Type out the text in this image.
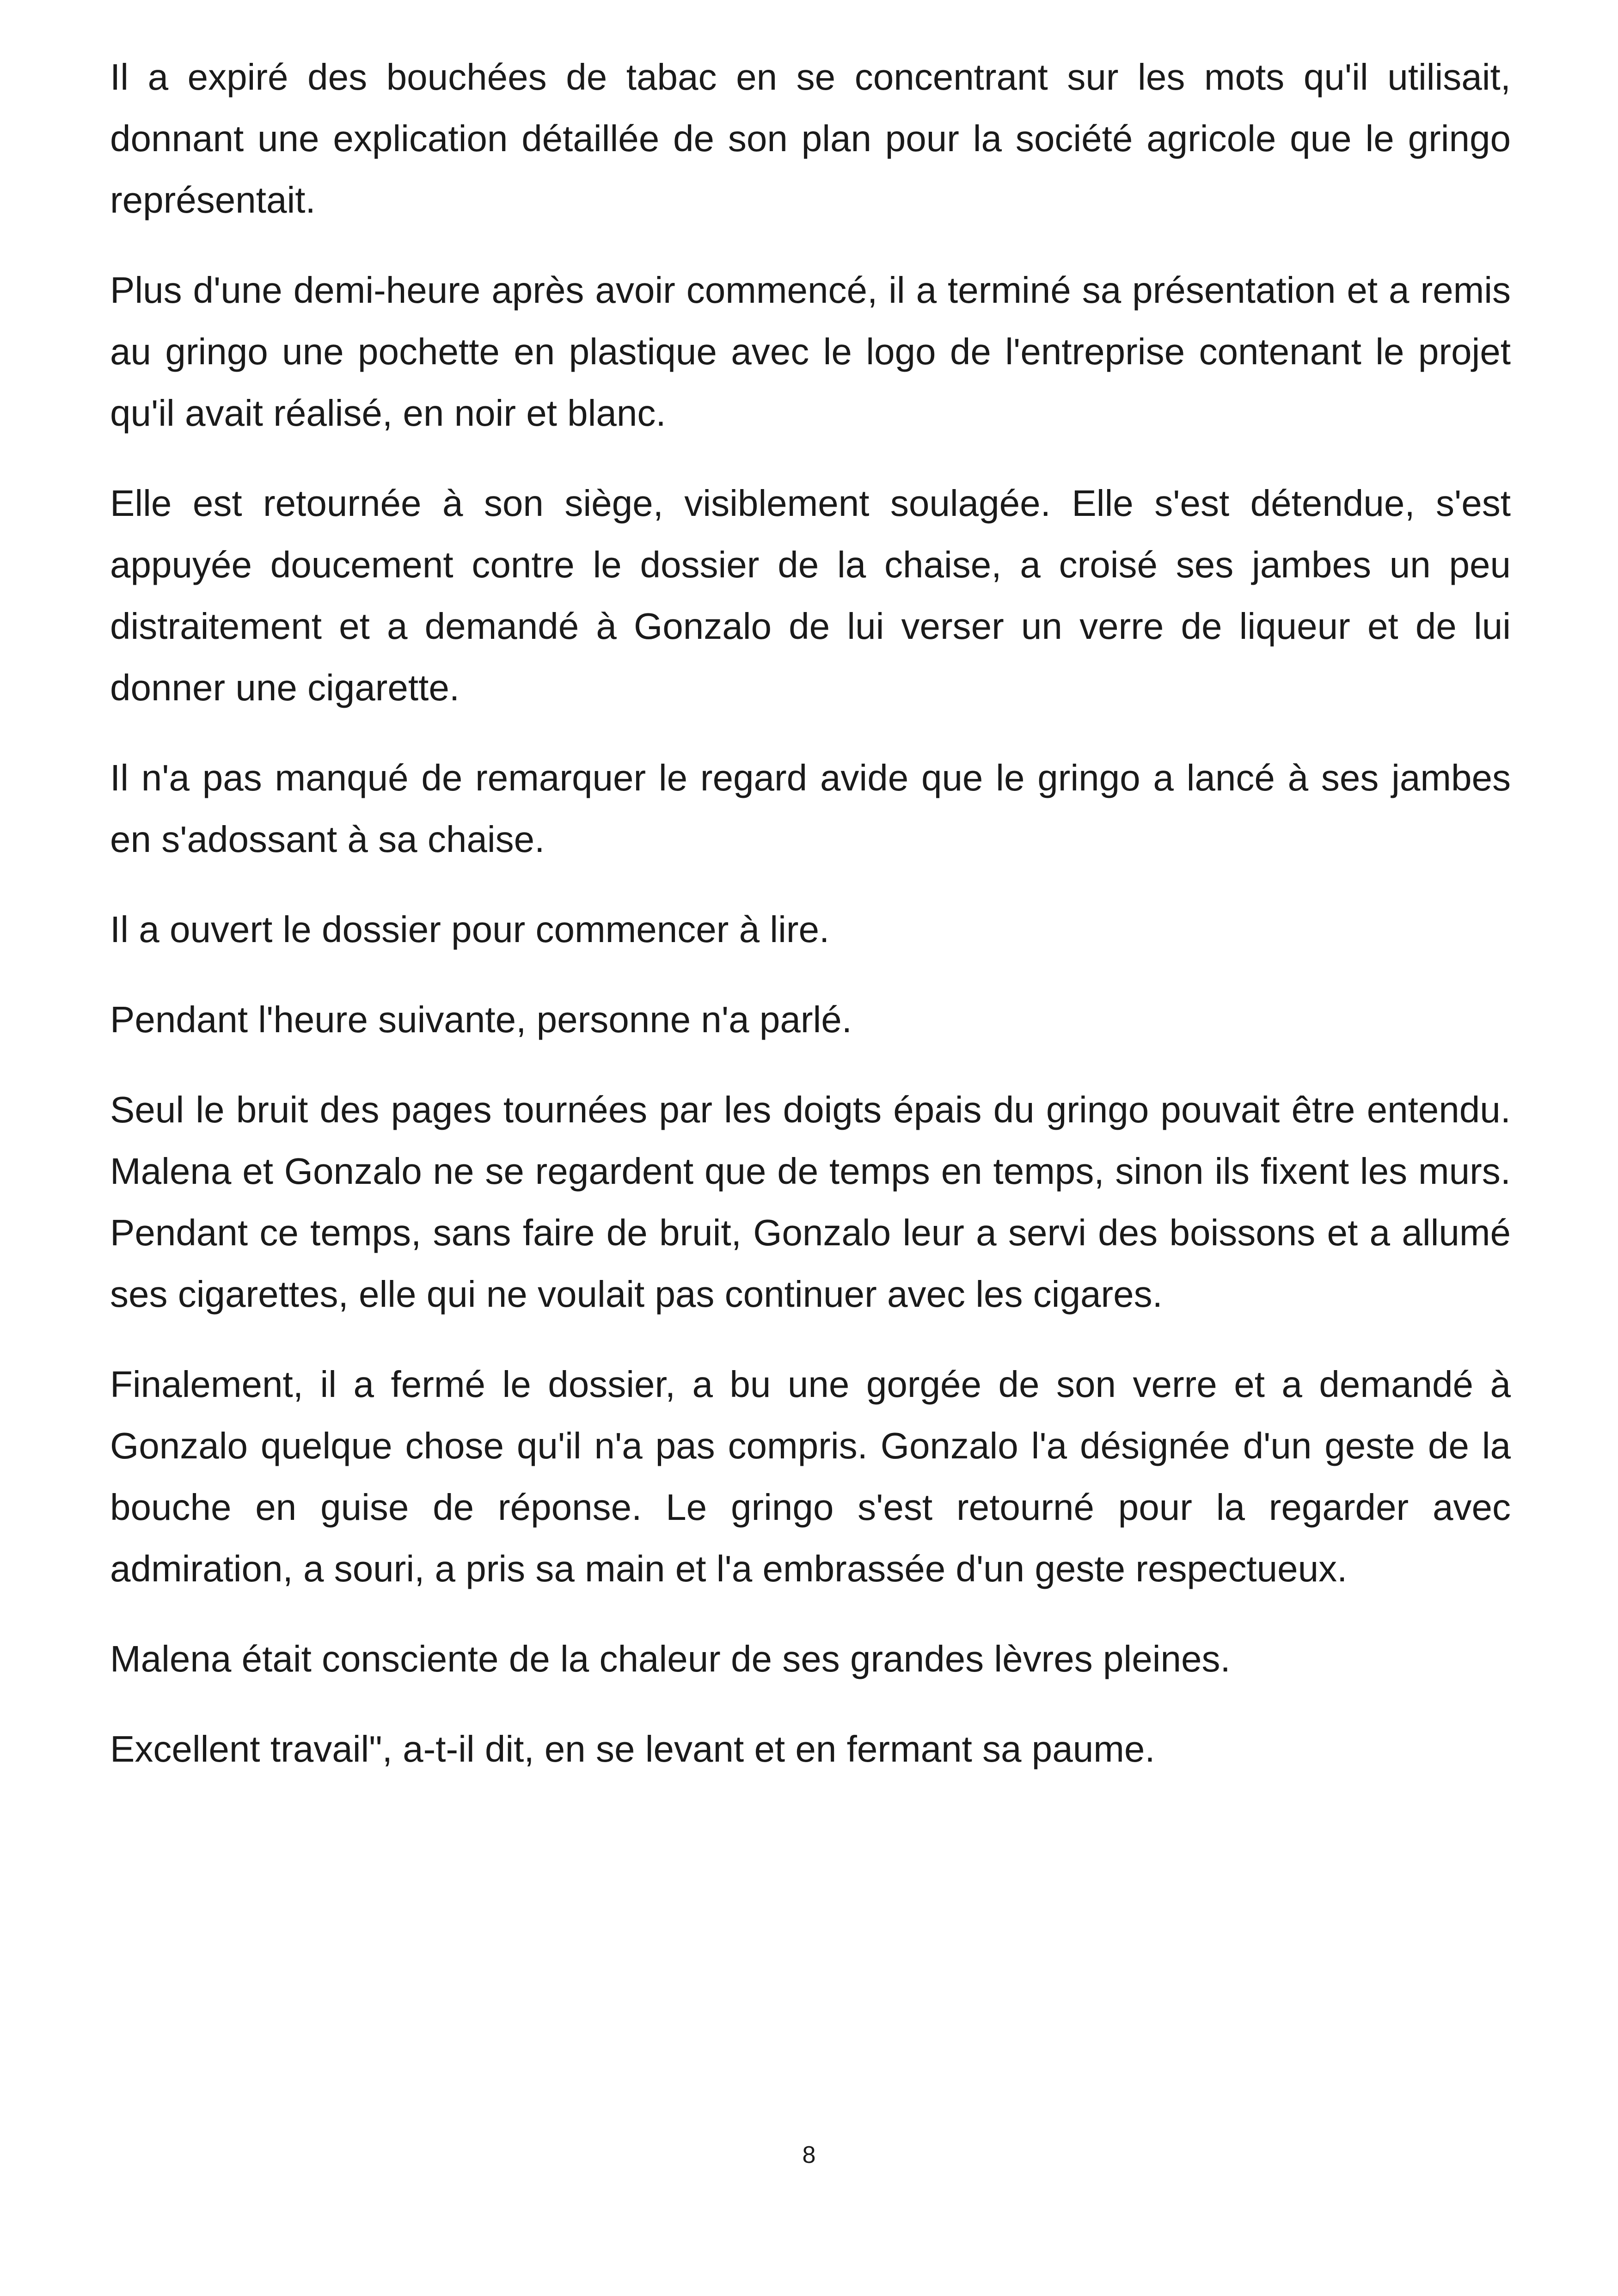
Il a expiré des bouchées de tabac en se concentrant sur les mots qu'il utilisait, donnant une explication détaillée de son plan pour la société agricole que le gringo représentait.

Plus d'une demi-heure après avoir commencé, il a terminé sa présentation et a remis au gringo une pochette en plastique avec le logo de l'entreprise contenant le projet qu'il avait réalisé, en noir et blanc.

Elle est retournée à son siège, visiblement soulagée. Elle s'est détendue, s'est appuyée doucement contre le dossier de la chaise, a croisé ses jambes un peu distraitement et a demandé à Gonzalo de lui verser un verre de liqueur et de lui donner une cigarette.

Il n'a pas manqué de remarquer le regard avide que le gringo a lancé à ses jambes en s'adossant à sa chaise.

Il a ouvert le dossier pour commencer à lire.

Pendant l'heure suivante, personne n'a parlé.

Seul le bruit des pages tournées par les doigts épais du gringo pouvait être entendu. Malena et Gonzalo ne se regardent que de temps en temps, sinon ils fixent les murs. Pendant ce temps, sans faire de bruit, Gonzalo leur a servi des boissons et a allumé ses cigarettes, elle qui ne voulait pas continuer avec les cigares.

Finalement, il a fermé le dossier, a bu une gorgée de son verre et a demandé à Gonzalo quelque chose qu'il n'a pas compris. Gonzalo l'a désignée d'un geste de la bouche en guise de réponse. Le gringo s'est retourné pour la regarder avec admiration, a souri, a pris sa main et l'a embrassée d'un geste respectueux.

Malena était consciente de la chaleur de ses grandes lèvres pleines.

Excellent travail", a-t-il dit, en se levant et en fermant sa paume.

8
